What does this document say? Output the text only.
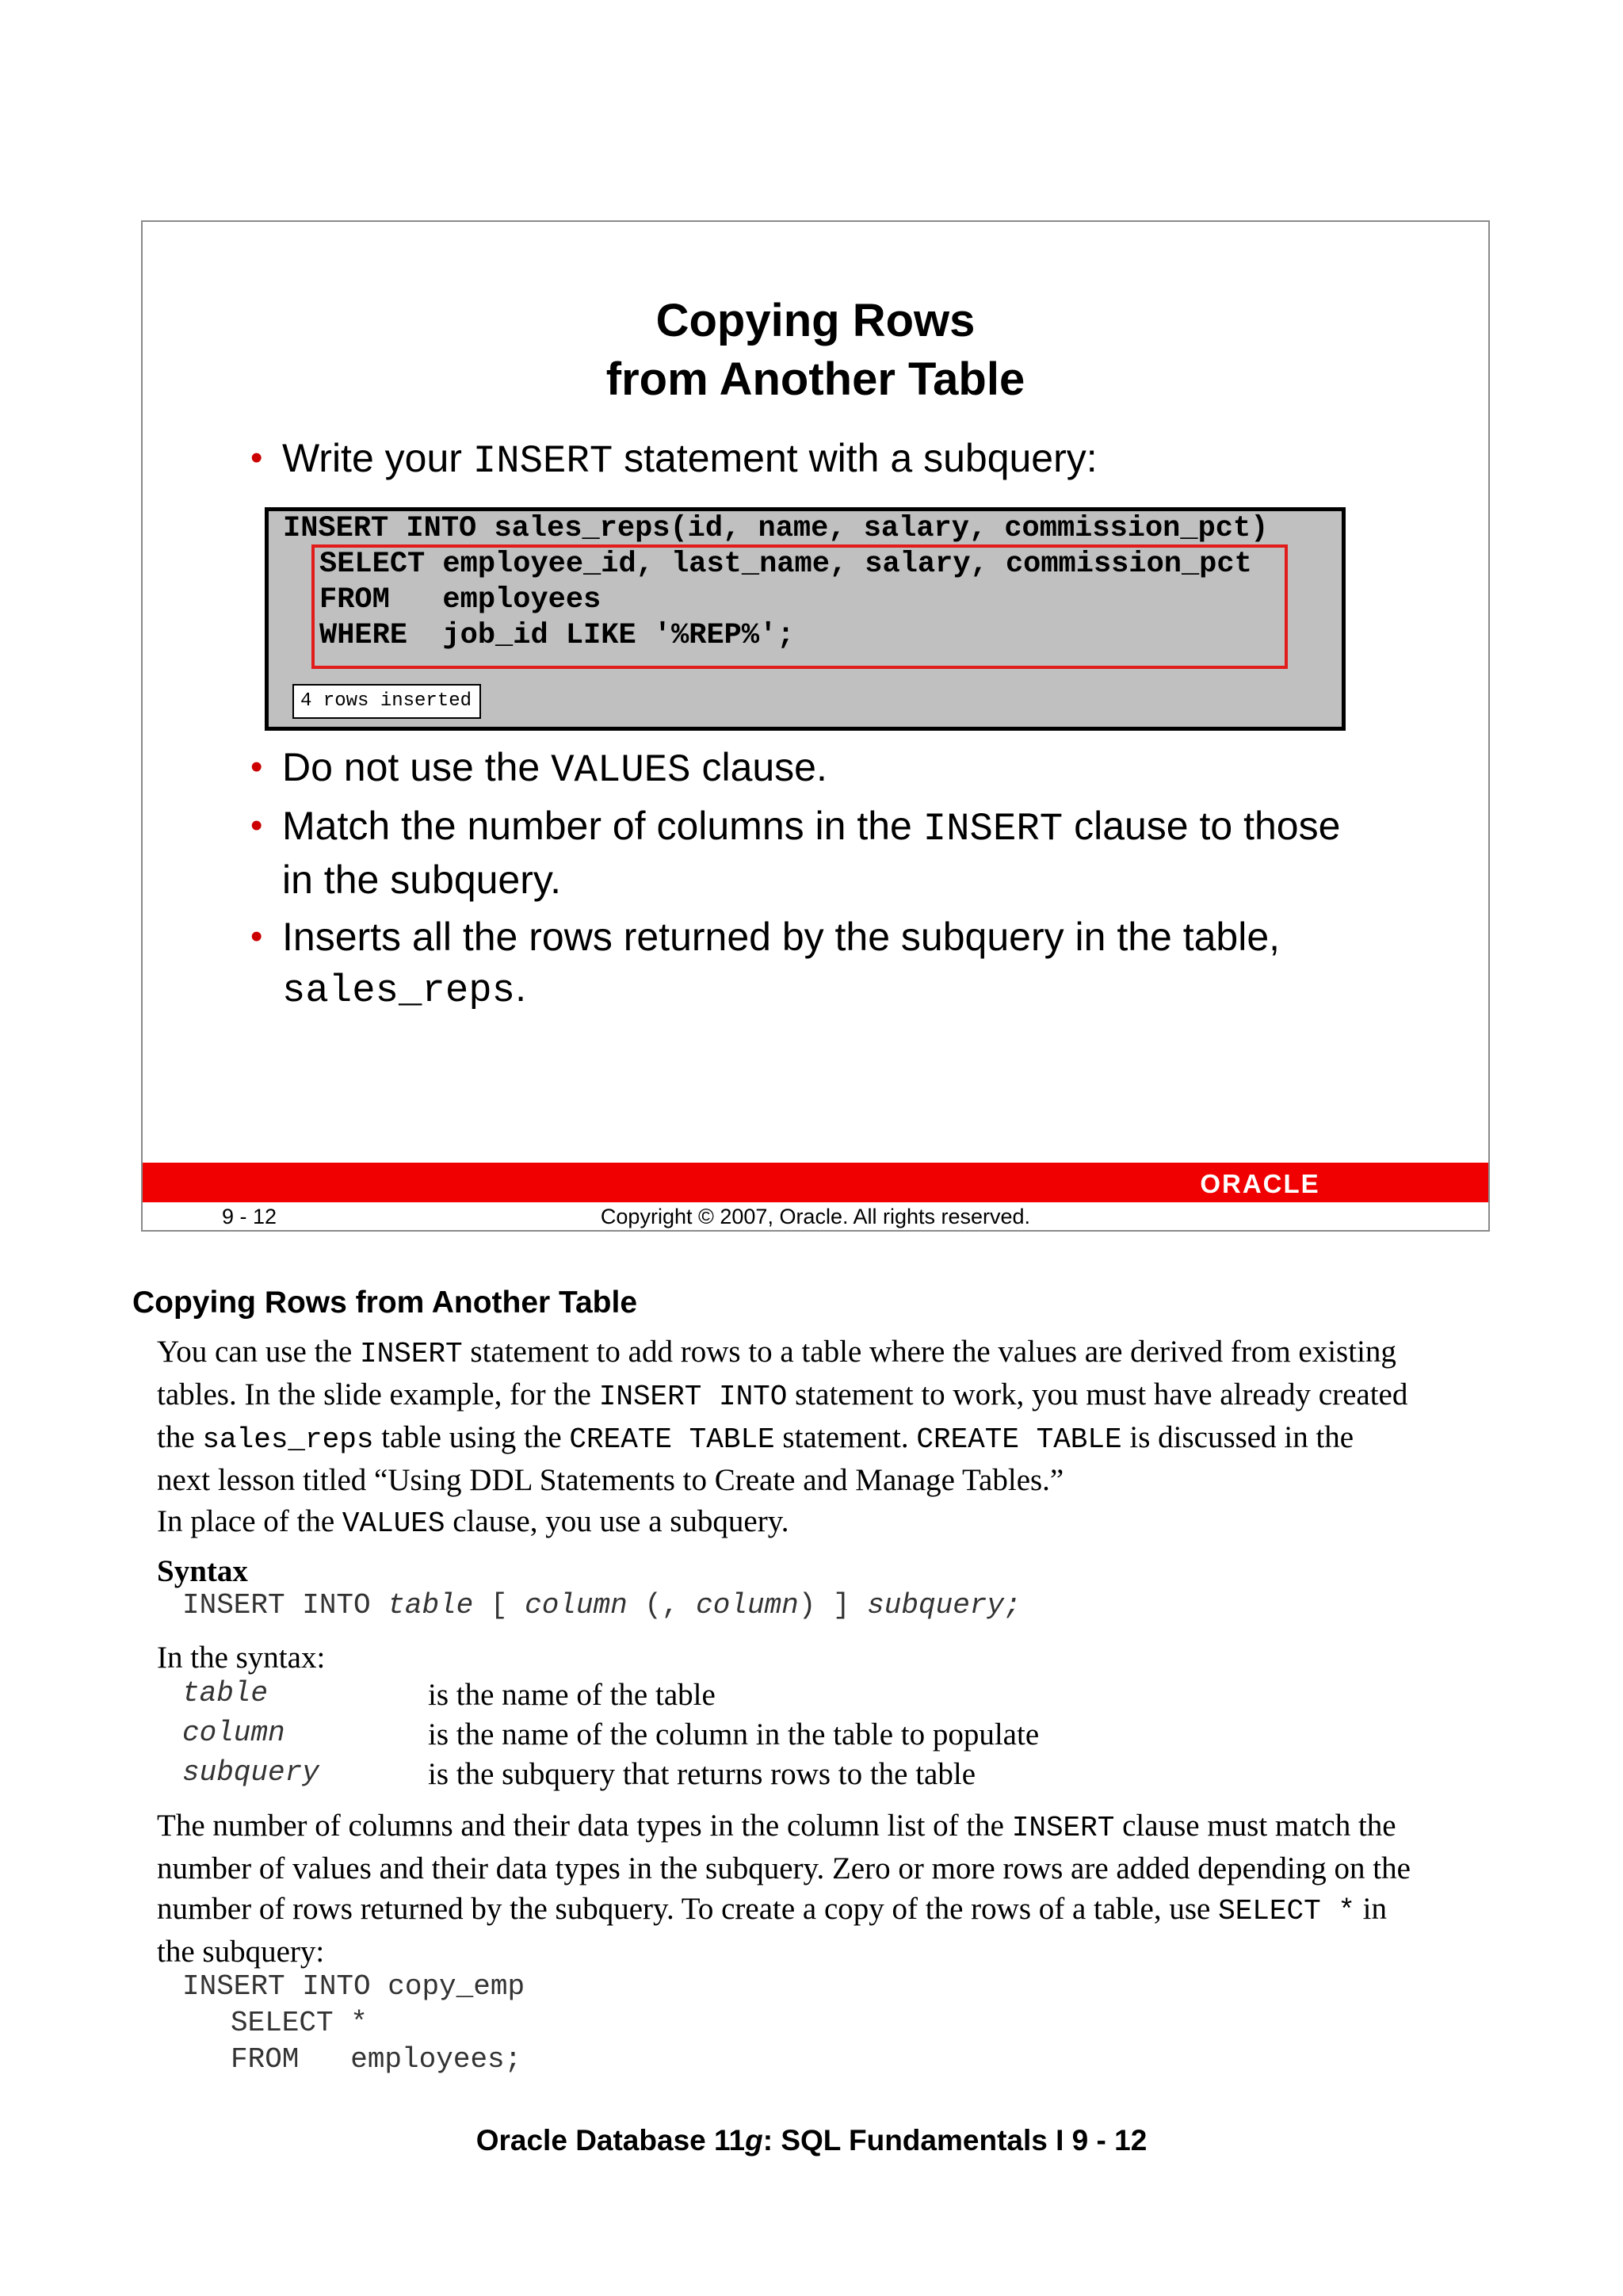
Copying Rows
from Another Table
• Write your INSERT statement with a subquery:
INSERT INTO sales_reps(id, name, salary, commission_pct)
SELECT employee_id, last_name, salary, commission_pct
FROM   employees
WHERE  job_id LIKE '%REP%';
4 rows inserted
• Do not use the VALUES clause.
• Match the number of columns in the INSERT clause to those
in the subquery.
• Inserts all the rows returned by the subquery in the table,
sales_reps.
ORACLE
9 - 12	Copyright © 2007, Oracle. All rights reserved.
Copying Rows from Another Table
You can use the INSERT statement to add rows to a table where the values are derived from existing
tables. In the slide example, for the INSERT INTO statement to work, you must have already created
the sales_reps table using the CREATE TABLE statement. CREATE TABLE is discussed in the
next lesson titled “Using DDL Statements to Create and Manage Tables.”
In place of the VALUES clause, you use a subquery.
Syntax
INSERT INTO table [ column (, column) ] subquery;
In the syntax:
table	is the name of the table
column	is the name of the column in the table to populate
subquery	is the subquery that returns rows to the table
The number of columns and their data types in the column list of the INSERT clause must match the
number of values and their data types in the subquery. Zero or more rows are added depending on the
number of rows returned by the subquery. To create a copy of the rows of a table, use SELECT * in
the subquery:
INSERT INTO copy_emp
SELECT *
FROM   employees;
Oracle Database 11g: SQL Fundamentals I 9 - 12
